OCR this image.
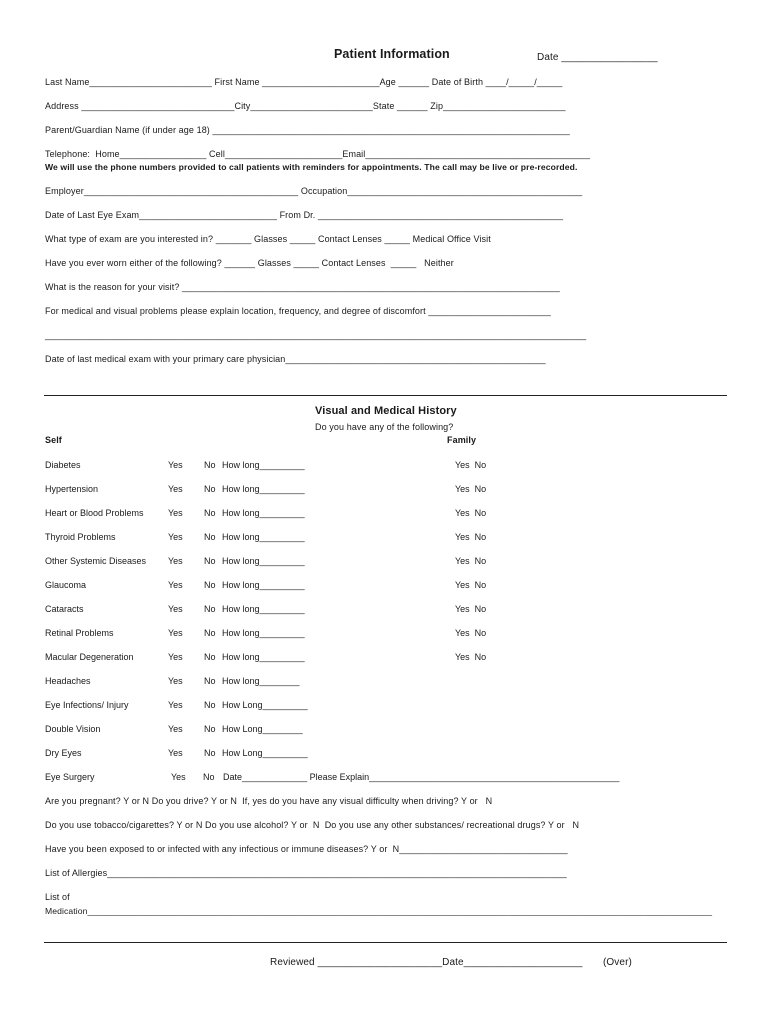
Patient Information	Date _________________
Last Name________________________ First Name _______________________Age ______ Date of Birth ____/_____/_____
Address ______________________________City________________________State ______ Zip________________________
Parent/Guardian Name (if under age 18) ______________________________________________________________________
Telephone:  Home_________________ Cell_______________________Email____________________________________________
We will use the phone numbers provided to call patients with reminders for appointments. The call may be live or pre-recorded.
Employer__________________________________________ Occupation______________________________________________
Date of Last Eye Exam___________________________ From Dr. ________________________________________________
What type of exam are you interested in? _______ Glasses _____ Contact Lenses _____ Medical Office Visit
Have you ever worn either of the following? ______ Glasses _____ Contact Lenses  _____   Neither
What is the reason for your visit? __________________________________________________________________________
For medical and visual problems please explain location, frequency, and degree of discomfort ________________________
__________________________________________________________________________________________________________
Date of last medical exam with your primary care physician___________________________________________________
Visual and Medical History
Do you have any of the following?
Self	Family
Diabetes	Yes No How long_________	Yes  No
Hypertension	Yes No How long_________	Yes  No
Heart or Blood Problems	Yes No How long_________	Yes  No
Thyroid Problems	Yes No How long_________	Yes  No
Other Systemic Diseases Yes No How long_________	Yes  No
Glaucoma	Yes No How long_________	Yes  No
Cataracts	Yes No How long_________	Yes  No
Retinal Problems	Yes No How long_________	Yes  No
Macular Degeneration	Yes No How long_________	Yes  No
Headaches	Yes No How long________
Eye Infections/ Injury	Yes No How Long_________
Double Vision	Yes No How Long________
Dry Eyes	Yes No How Long_________
Eye Surgery	Yes No Date_____________ Please Explain__________________________________________________
Are you pregnant? Y or N Do you drive? Y or N  If, yes do you have any visual difficulty when driving? Y or   N
Do you use tobacco/cigarettes? Y or N Do you use alcohol? Y or  N  Do you use any other substances/ recreational drugs? Y or   N
Have you been exposed to or infected with any infectious or immune diseases? Y or  N_________________________________
List of Allergies__________________________________________________________________________________________
List of
Medication________________________________________________________________________________________________________________________________
Reviewed ______________________Date_____________________ (Over)
